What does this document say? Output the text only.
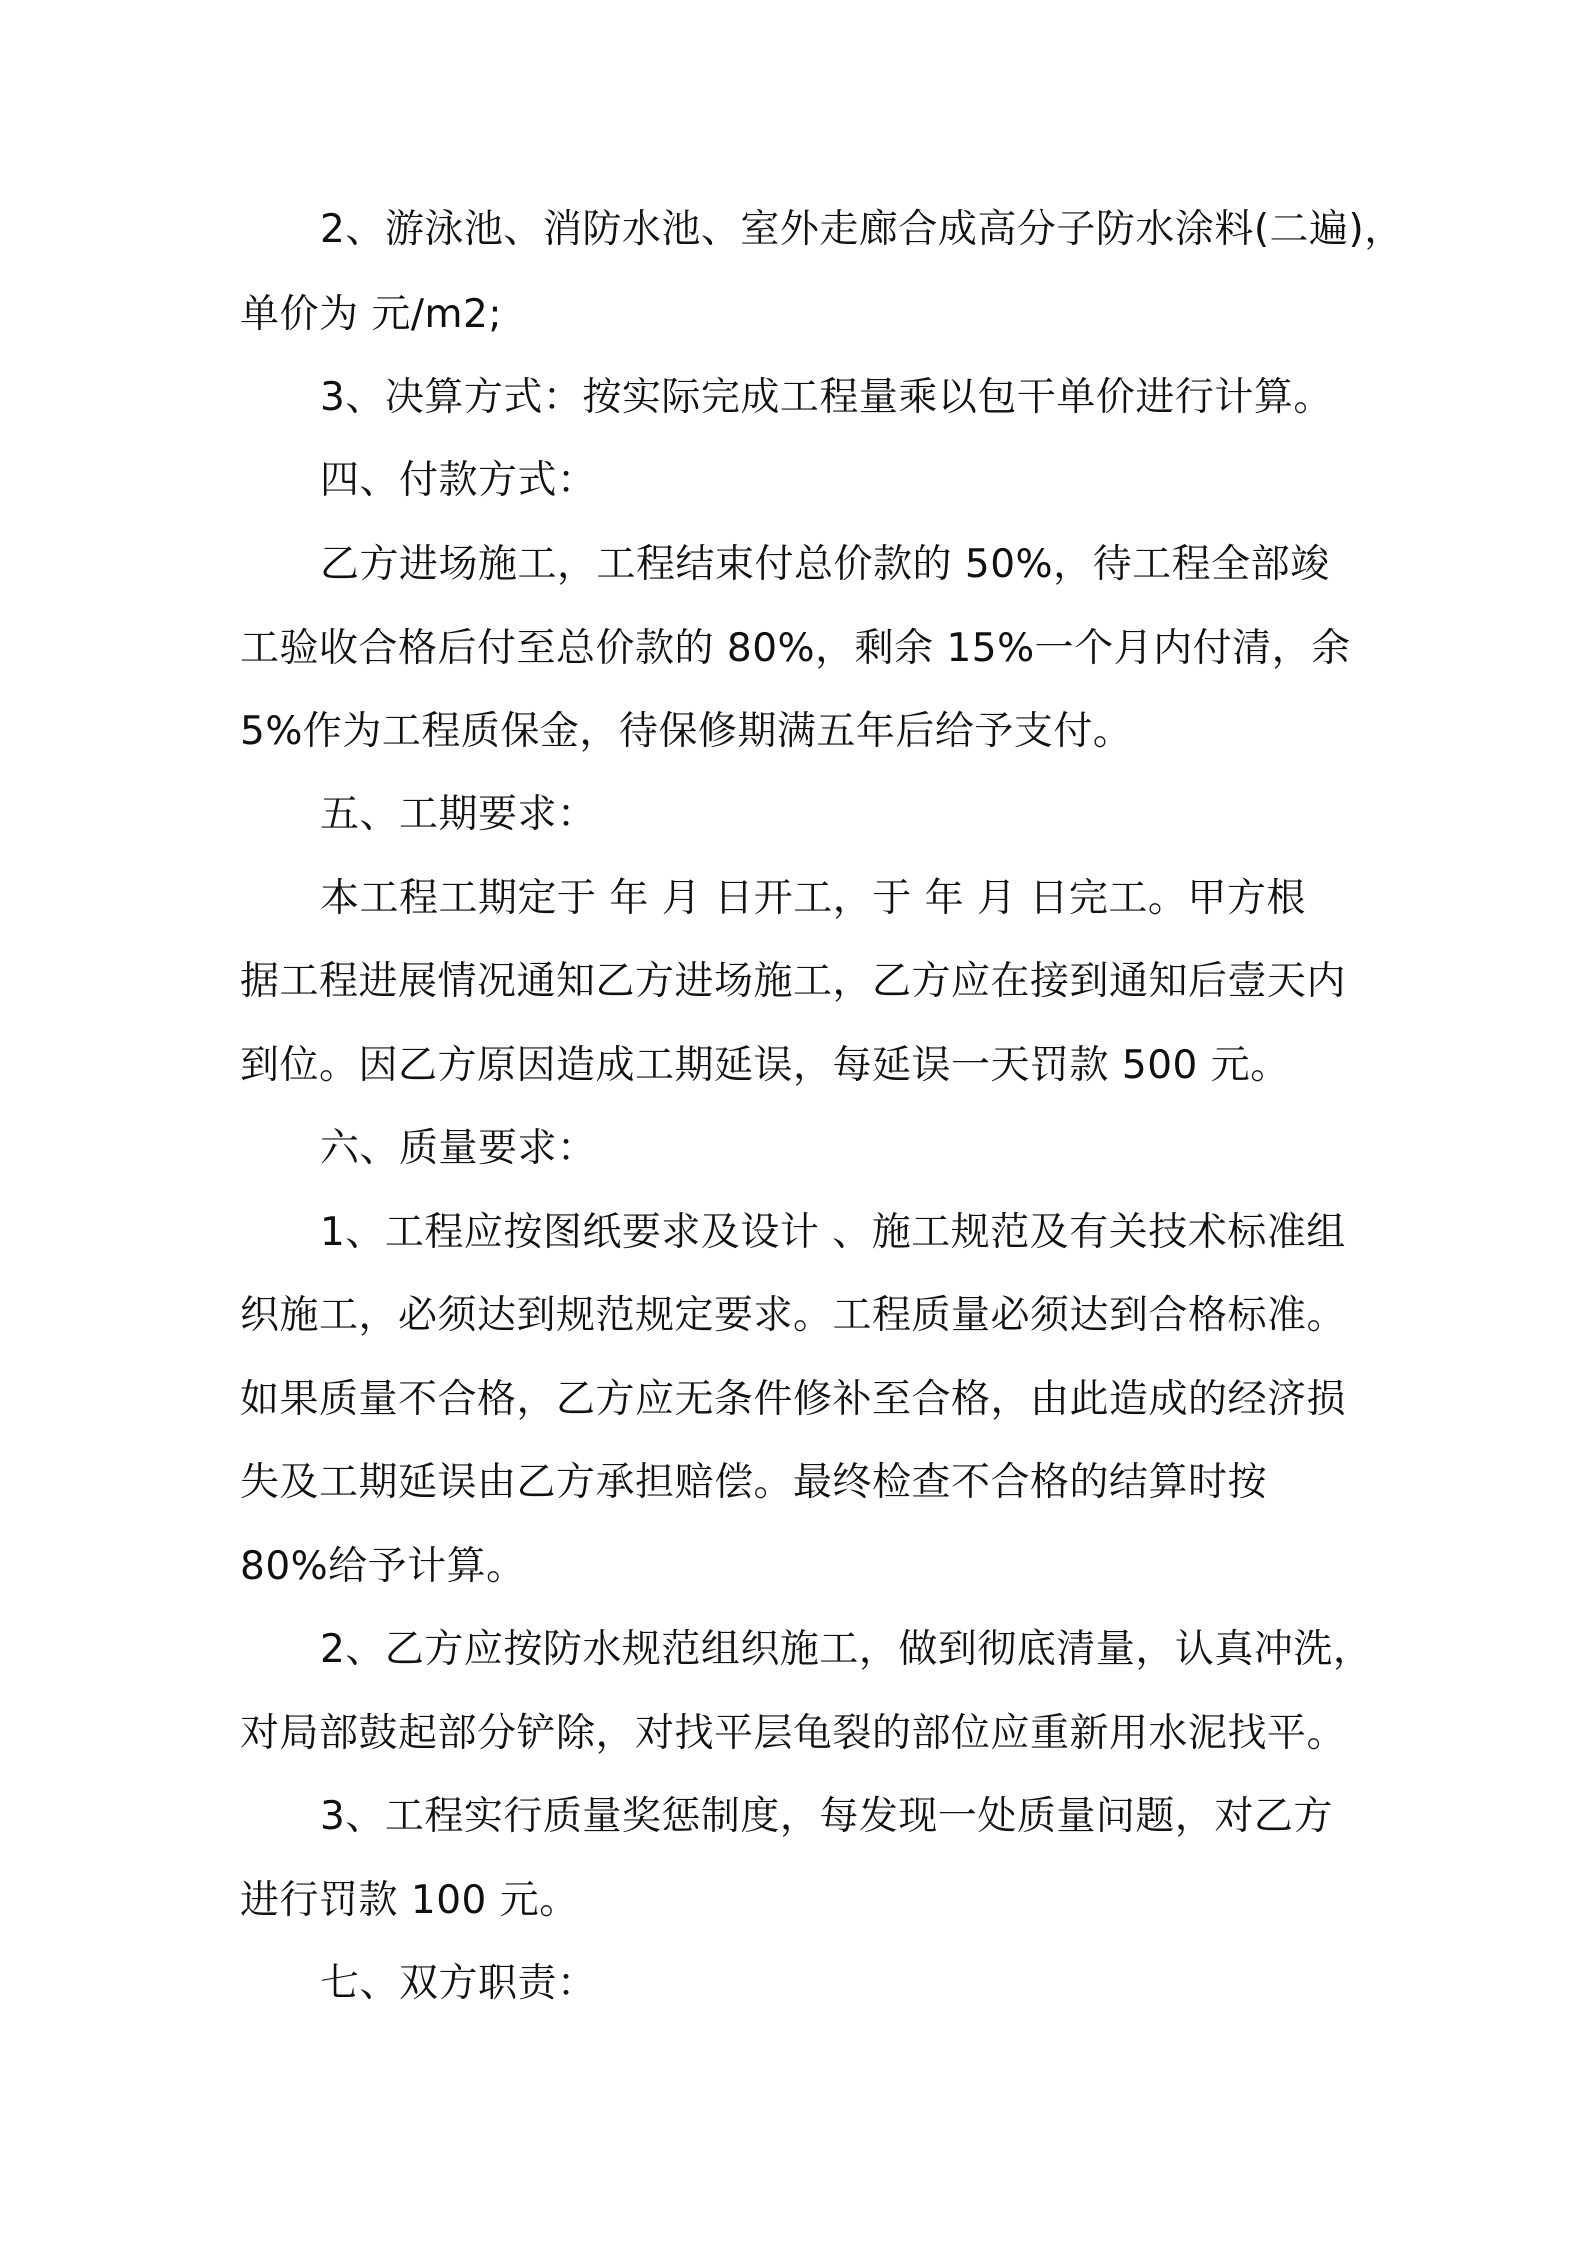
2、游泳池、消防水池、室外走廊合成高分子防水涂料(二遍)，
单价为 元/m2;
3、决算方式：按实际完成工程量乘以包干单价进行计算。
四、付款方式：
乙方进场施工，工程结束付总价款的 50%，待工程全部竣
工验收合格后付至总价款的 80%，剩余 15%一个月内付清，余
5%作为工程质保金，待保修期满五年后给予支付。
五、工期要求：
本工程工期定于 年 月 日开工，于 年 月 日完工。甲方根
据工程进展情况通知乙方进场施工，乙方应在接到通知后壹天内
到位。因乙方原因造成工期延误，每延误一天罚款 500 元。
六、质量要求：
1、工程应按图纸要求及设计 、施工规范及有关技术标准组
织施工，必须达到规范规定要求。工程质量必须达到合格标准。
如果质量不合格，乙方应无条件修补至合格，由此造成的经济损
失及工期延误由乙方承担赔偿。最终检查不合格的结算时按
80%给予计算。
2、乙方应按防水规范组织施工，做到彻底清量，认真冲洗，
对局部鼓起部分铲除，对找平层龟裂的部位应重新用水泥找平。
3、工程实行质量奖惩制度，每发现一处质量问题，对乙方
进行罚款 100 元。
七、双方职责：
